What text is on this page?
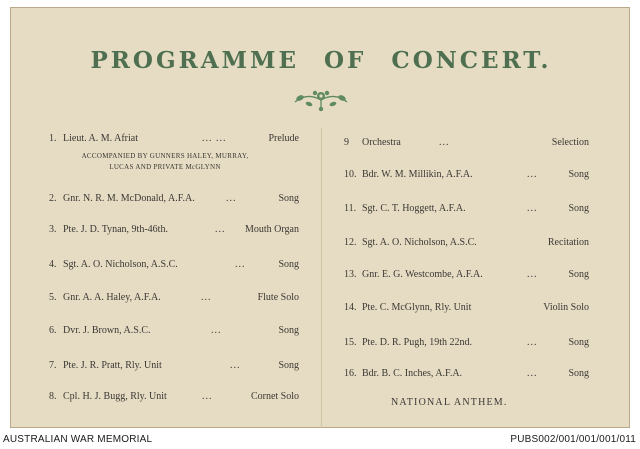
PROGRAMME OF CONCERT.
1. Lieut. A. M. Afriat	... ...	Prelude
2. Gnr. N. R. M. McDonald, A.F.A.	...	Song
3. Pte. J. D. Tynan, 9th-46th.	... Mouth Organ
4. Sgt. A. O. Nicholson, A.S.C.	...	Song
5. Gnr. A. A. Haley, A.F.A.	...	Flute Solo
6. Dvr. J. Brown, A.S.C.	...	Song
7. Pte. J. R. Pratt, Rly. Unit	...	Song
8. Cpl. H. J. Bugg, Rly. Unit	...	Cornet Solo
9 Orchestra	...	Selection
10. Bdr. W. M. Millikin, A.F.A.	...	Song
11. Sgt. C. T. Hoggett, A.F.A.	...	Song
12. Sgt. A. O. Nicholson, A.S.C.	Recitation
13. Gnr. E. G. Westcombe, A.F.A.	...	Song
14. Pte. C. McGlynn, Rly. Unit	Violin Solo
15. Pte. D. R. Pugh, 19th 22nd.	...	Song
16. Bdr. B. C. Inches, A.F.A.	...	Song
ACCOMPANIED BY GUNNERS HALEY, MURRAY,
LUCAS AND PRIVATE McGLYNN
NATIONAL ANTHEM.
AUSTRALIAN WAR MEMORIAL	PUBS002/001/001/001/011
